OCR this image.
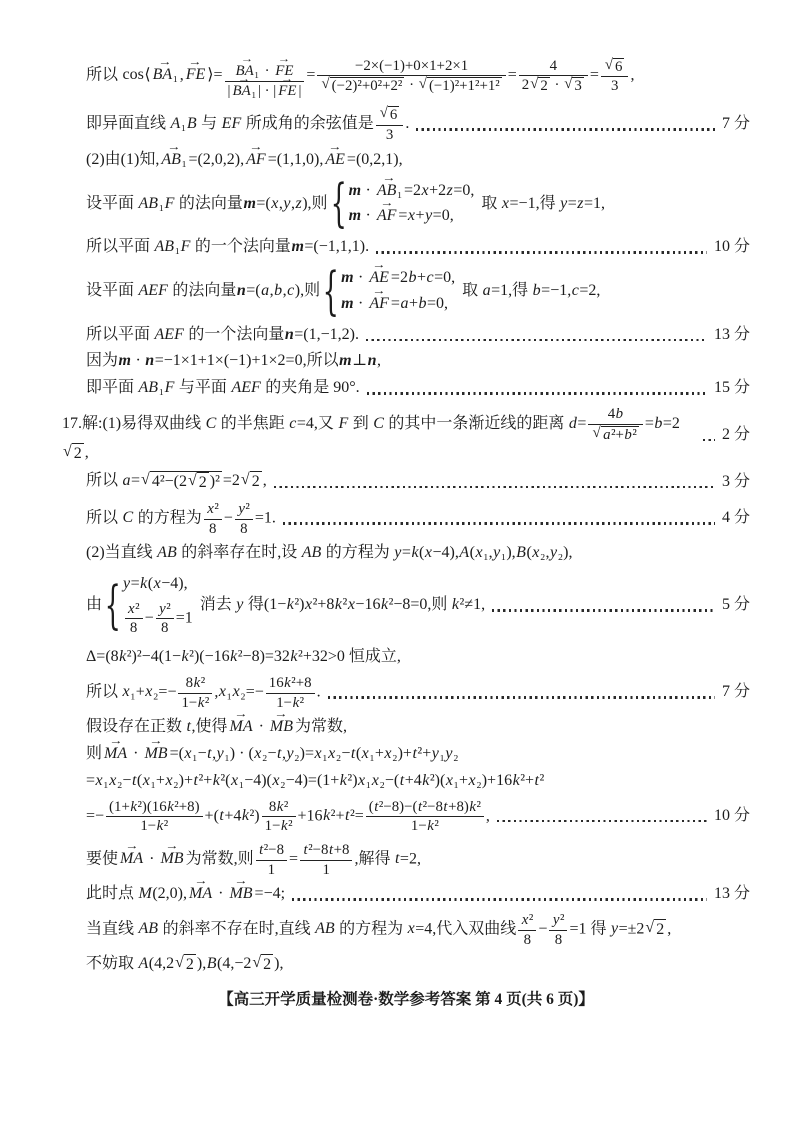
所以 cos⟨ → BA₁, → FE ⟩= → $\frac{\text{BA₁ · → FE}}{\text{| → BA₁ | · | → FE |}} = \frac{-2\times(-1)+0\times 1+2\times 1}{\text{√ (−2)²+0²+2² · √ (−1)²+1²+1²}} = \frac{4}{2 √ 2 \cdot √ 3} = \frac{√ 6}{3}$ ,
即异面直线 A₁B 与 EF 所成角的余弦值是 $\frac{√ 6}{3}$ .	7 分
(2)由(1)知, → AB₁=(2,0,2), → AF =(1,1,0), → AE =(0,2,1),
设平面 AB₁F 的法向量m=(x,y,z),则 { m · → AB₁=2x+2z=0,
m · → AF =x+y=0,
取 x=−1,得 y=z=1,
所以平面 AB₁F 的一个法向量m=(−1,1,1).	10 分
设平面 AEF 的法向量n=(a,b,c),则 { m · → AE =2b+c=0,
m · → AF =a+b=0,
取 a=1,得 b=−1,c=2,
所以平面 AEF 的一个法向量n=(1,−1,2).	13 分
因为m · n=−1×1+1×(−1)+1×2=0,所以m⊥n,
即平面 AB₁F 与平面 AEF 的夹角是 90°.	15 分
17.解:(1)易得双曲线 C 的半焦距 c=4,又 F 到 C 的其中一条渐近线的距离 $d= \frac{4b}{\text{√ a²+b²}} =b=2$
√ 2 ,
2 分
所以 a= √ 4²−(2 √ 2 )² =2 √ 2 ,	3 分
所以 C 的方程为 $\frac{\text{x²}}{8} - \frac{\text{y²}}{8} =1$.	4 分
(2)当直线 AB 的斜率存在时,设 AB 的方程为 y=k(x−4),A(x₁,y₁),B(x₂,y₂),
由 { y=k(x−4),
$\frac{\text{x²}}{8} - \frac{\text{y²}}{8} =1$
消去 y 得(1−k²)x²+8k²x−16k²−8=0,则 k²≠1,	5 分
Δ=(8k²)²−4(1−k²)(−16k²−8)=32k²+32>0 恒成立,
所以 $x_1+x_2=- \frac{\text{8k²}}{\text{1−k²}} ,x_1x_2=- \frac{\text{16k²+8}}{\text{1−k²}}$ .	7 分
假设存在正数 t,使得 → MA · → MB 为常数,
则 → MA · → MB =(x₁−t,y₁) · (x₂−t,y₂)=x₁x₂−t(x₁+x₂)+t²+y₁y₂
=x₁x₂−t(x₁+x₂)+t²+k²(x₁−4)(x₂−4)=(1+k²)x₁x₂−(t+4k²)(x₁+x₂)+16k²+t²
=− $\frac{\text{(1+k²)(16k²+8)}}{\text{1−k²}} +(t+4k^2) \frac{\text{8k²}}{\text{1−k²}} +16k^2+t^2= \frac{\text{(t²−8)−(t²−8t+8)k²}}{\text{1−k²}}$ ,	10 分
要使 → MA · → MB 为常数,则 $\frac{\text{t²−8}}{1} = \frac{\text{t²−8t+8}}{1}$ ,解得 t=2,
此时点 M(2,0), → MA · → MB =−4;	13 分
当直线 AB 的斜率不存在时,直线 AB 的方程为 x=4,代入双曲线 $\frac{\text{x²}}{8} - \frac{\text{y²}}{8} =1$ 得 y=±2 √ 2 ,
不妨取 A(4,2 √ 2 ),B(4,−2 √ 2 ),
【高三开学质量检测卷·数学参考答案 第 4 页(共 6 页)】
